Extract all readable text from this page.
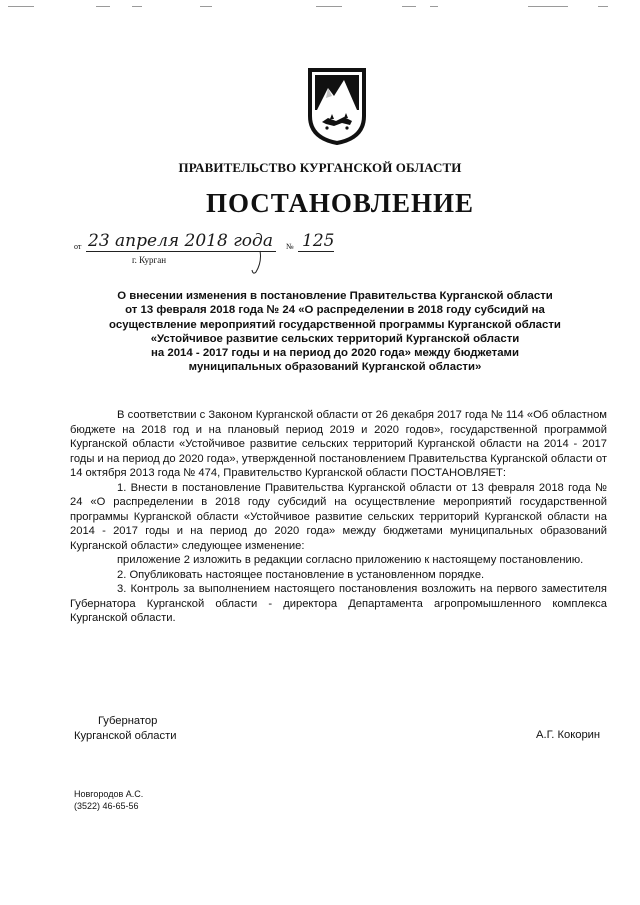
ПРАВИТЕЛЬСТВО КУРГАНСКОЙ ОБЛАСТИ
ПОСТАНОВЛЕНИЕ
от 23 апреля 2018 года № 125
г. Курган
О внесении изменения в постановление Правительства Курганской области
от 13 февраля 2018 года № 24 «О распределении в 2018 году субсидий на
осуществление мероприятий государственной программы Курганской области
«Устойчивое развитие сельских территорий Курганской области
на 2014 - 2017 годы и на период до 2020 года» между бюджетами
муниципальных образований Курганской области»

В соответствии с Законом Курганской области от 26 декабря 2017 года № 114 «Об областном бюджете на 2018 год и на плановый период 2019 и 2020 годов», государственной программой Курганской области «Устойчивое развитие сельских территорий Курганской области на 2014 - 2017 годы и на период до 2020 года», утвержденной постановлением Правительства Курганской области от 14 октября 2013 года № 474, Правительство Курганской области ПОСТАНОВЛЯЕТ:

1. Внести в постановление Правительства Курганской области от 13 февраля 2018 года № 24 «О распределении в 2018 году субсидий на осуществление мероприятий государственной программы Курганской области «Устойчивое развитие сельских территорий Курганской области на 2014 - 2017 годы и на период до 2020 года» между бюджетами муниципальных образований Курганской области» следующее изменение:

приложение 2 изложить в редакции согласно приложению к настоящему постановлению.

2. Опубликовать настоящее постановление в установленном порядке.

3. Контроль за выполнением настоящего постановления возложить на первого заместителя Губернатора Курганской области - директора Департамента агропромышленного комплекса Курганской области.

Губернатор
Курганской области	А.Г. Кокорин
Новгородов А.С.
(3522) 46-65-56
